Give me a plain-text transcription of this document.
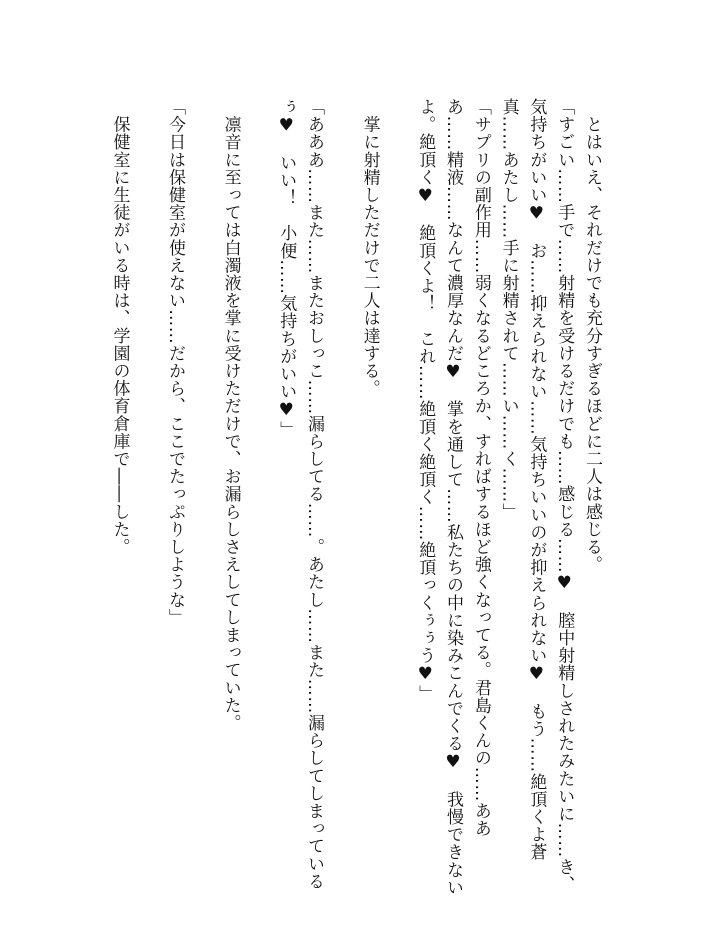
　とはいえ、それだけでも充分すぎるほどに二人は感じる。

「すごい……手で……射精を受けるだけでも……感じる……♥　膣中射精しされたみたいに……き、

気持ちがいい♥　お……抑えられない……気持ちいいのが抑えられない♥　もう……絶頂くよ蒼

真……あたし……手に射精されて……い……く……」

「サプリの副作用……弱くなるどころか、すればするほど強くなってる。君島くんの……ああ

あ……精液……なんて濃厚なんだ♥　掌を通して……私たちの中に染みこんでくる♥　我慢できない

よ。絶頂く♥　絶頂くよ！　これ……絶頂く絶頂く……絶頂っくぅぅう♥」

　掌に射精しただけで二人は達する。

「あああ……また……またおしっこ……漏らしてる……。あたし……また……漏らしてしまっている

ぅ♥　いい！　小便……気持ちがいい♥」

　凛音に至っては白濁液を掌に受けただけで、お漏らしさえしてしまっていた。

「今日は保健室が使えない……だから、ここでたっぷりしような」

　保健室に生徒がいる時は、学園の体育倉庫で――した。
